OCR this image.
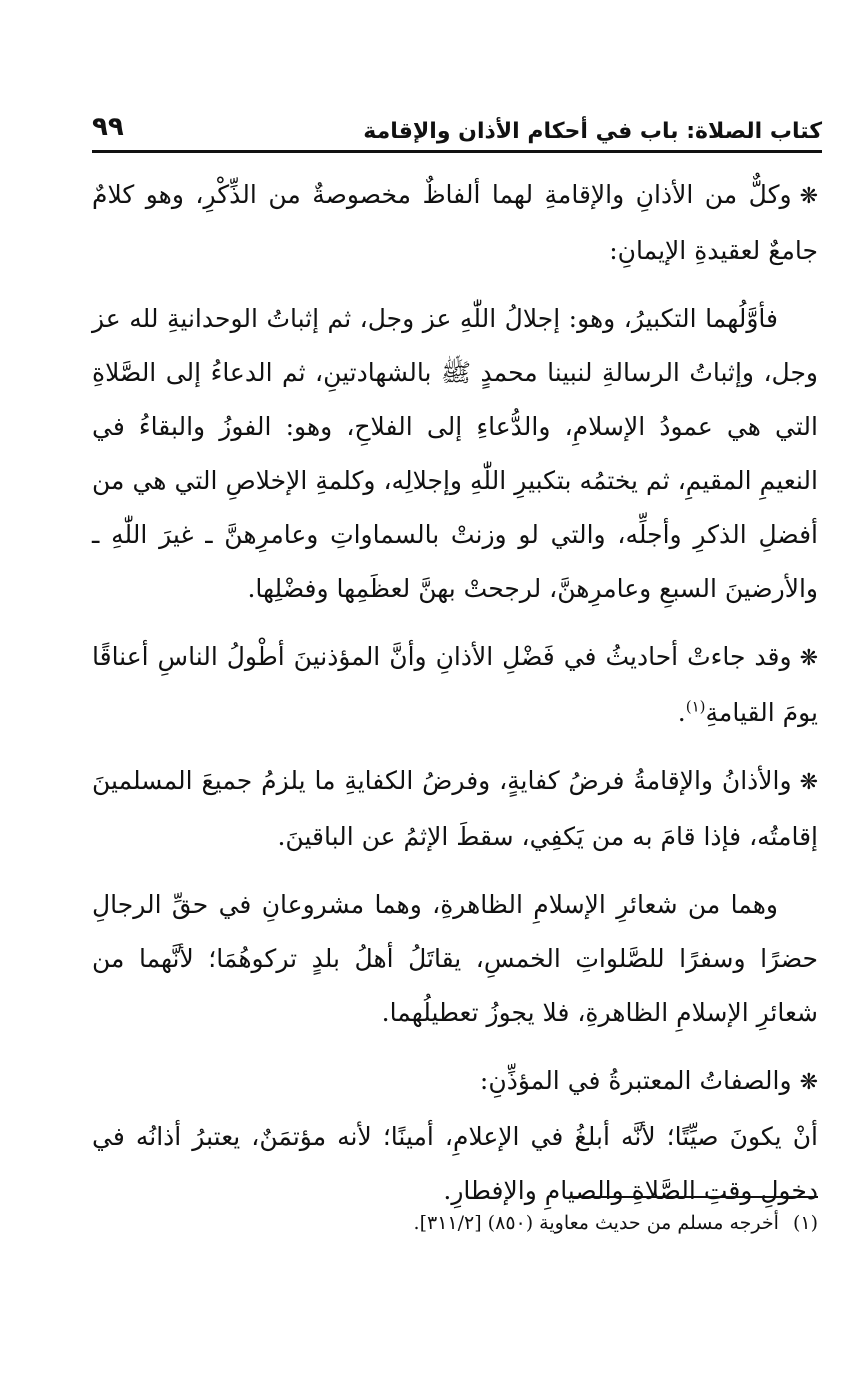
كتاب الصلاة: باب في أحكام الأذان والإقامة
٩٩

❋وكلٌّ من الأذانِ والإقامةِ لهما ألفاظٌ مخصوصةٌ من الذِّكْرِ، وهو كلامٌ جامعٌ لعقيدةِ الإيمانِ:

فأوَّلُهما التكبيرُ، وهو: إجلالُ اللّٰهِ عز وجل، ثم إثباتُ الوحدانيةِ لله عز وجل، وإثباتُ الرسالةِ لنبينا محمدٍ ﷺ بالشهادتينِ، ثم الدعاءُ إلى الصَّلاةِ التي هي عمودُ الإسلامِ، والدُّعاءِ إلى الفلاحِ، وهو: الفوزُ والبقاءُ في النعيمِ المقيمِ، ثم يختمُه بتكبيرِ اللّٰهِ وإجلالِه، وكلمةِ الإخلاصِ التي هي من أفضلِ الذكرِ وأجلِّه، والتي لو وزنتْ بالسماواتِ وعامرِهنَّ ـ غيرَ اللّٰهِ ـ والأرضينَ السبعِ وعامرِهنَّ، لرجحتْ بهنَّ لعظَمِها وفضْلِها.

❋وقد جاءتْ أحاديثُ في فَضْلِ الأذانِ وأنَّ المؤذنينَ أطْولُ الناسِ أعناقًا يومَ القيامةِ$^{(١)}$.

❋والأذانُ والإقامةُ فرضُ كفايةٍ، وفرضُ الكفايةِ ما يلزمُ جميعَ المسلمينَ إقامتُه، فإذا قامَ به من يَكفِي، سقطَ الإثمُ عن الباقينَ.

وهما من شعائرِ الإسلامِ الظاهرةِ، وهما مشروعانِ في حقِّ الرجالِ حضرًا وسفرًا للصَّلواتِ الخمسِ، يقاتَلُ أهلُ بلدٍ تركوهُمَا؛ لأنَّهما من شعائرِ الإسلامِ الظاهرةِ، فلا يجوزُ تعطيلُهما.

❋والصفاتُ المعتبرةُ في المؤذِّنِ:

أنْ يكونَ صيِّتًا؛ لأنَّه أبلغُ في الإعلامِ، أمينًا؛ لأنه مؤتمَنٌ، يعتبرُ أذانُه في دخولِ وقتِ الصَّلاةِ والصيامِ والإفطارِ.

(١)أخرجه مسلم من حديث معاوية (٨٥٠) [٣١١/٢].
